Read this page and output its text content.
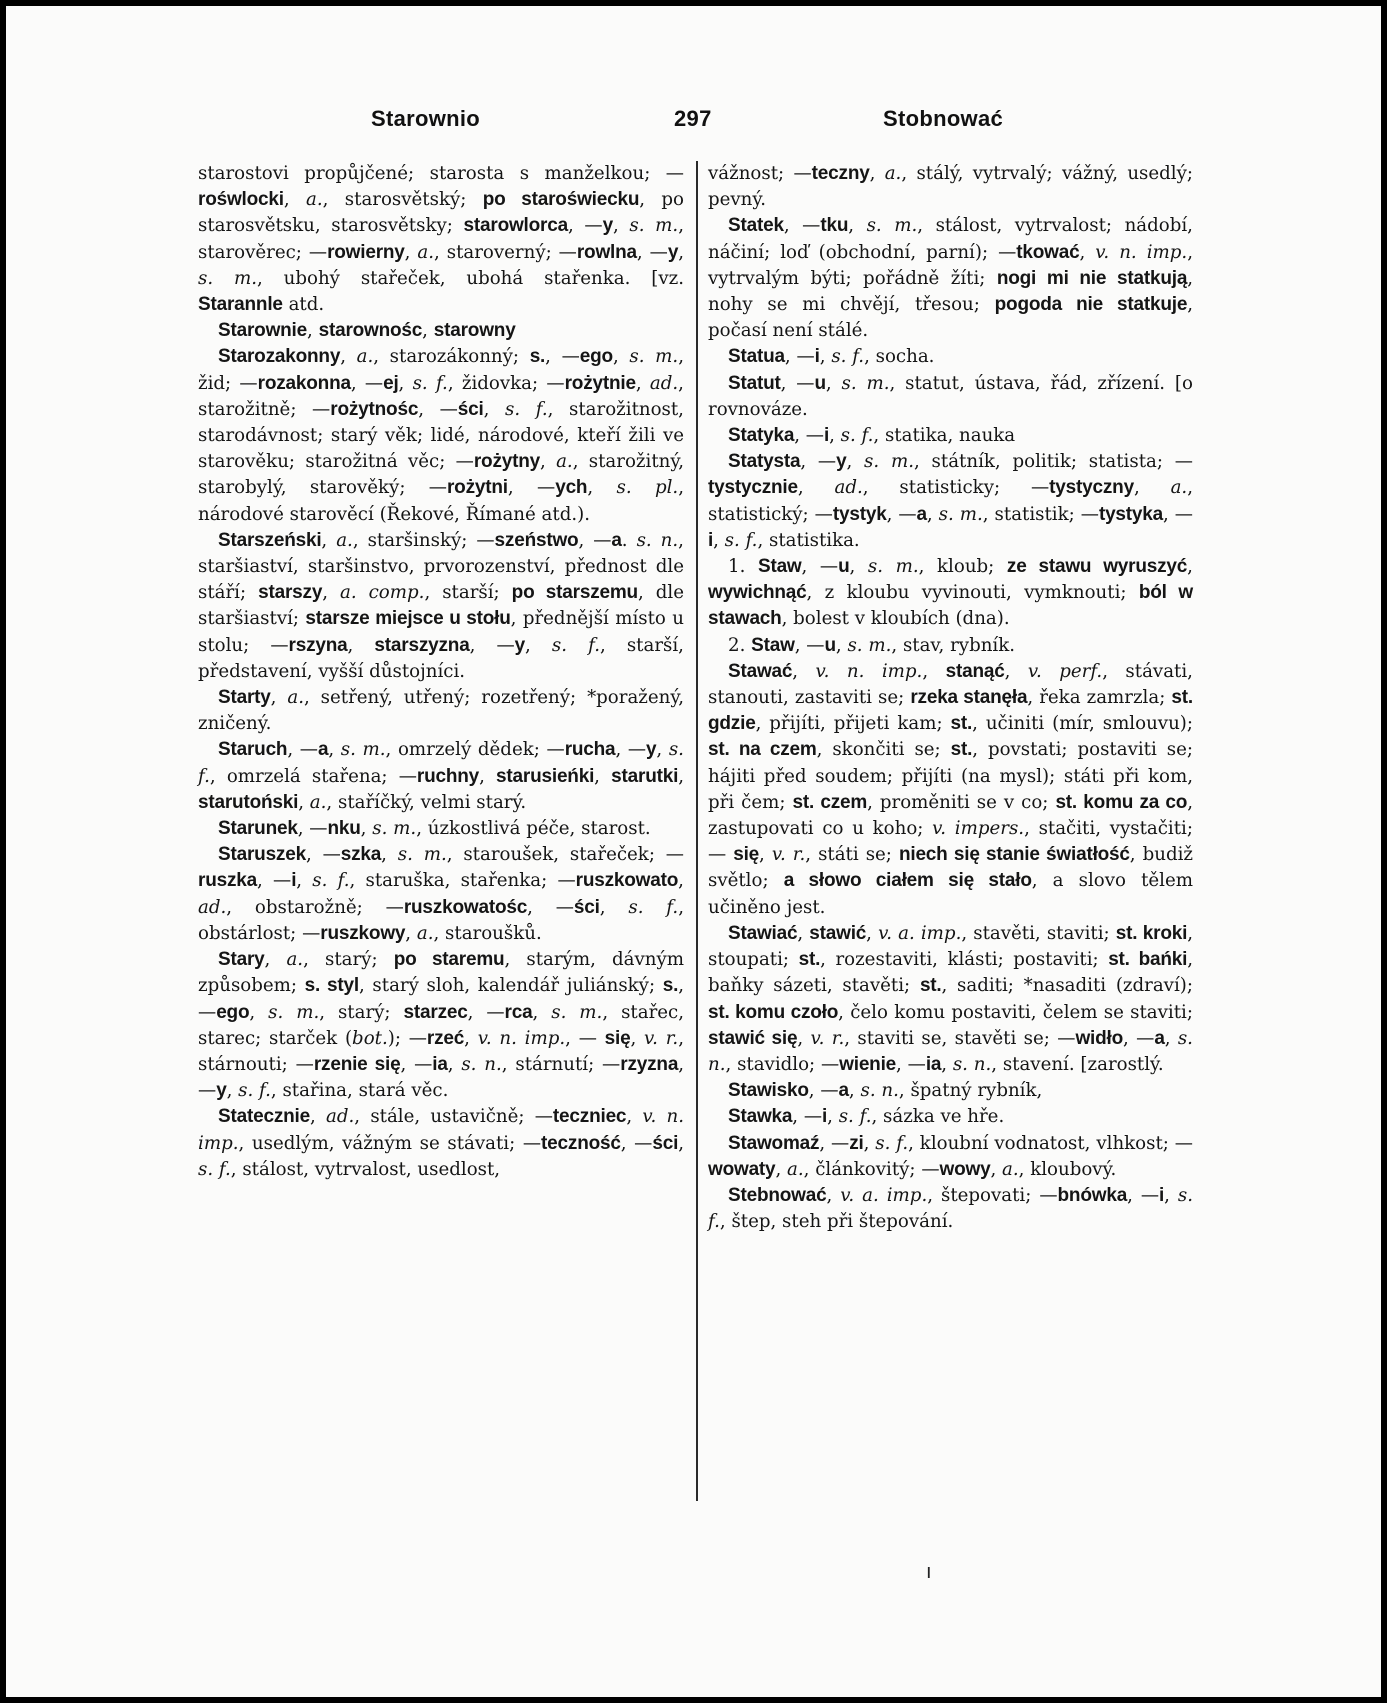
Starownio	297	Stobnować

starostovi propůjčené; starosta s manželkou; —rośwlocki, a., starosvětský; po staroświecku, po starosvětsku, starosvětsky; starowlorca, —y, s. m., starověrec; —rowierny, a., staroverný; —rowlna, —y, s. m., ubohý stařeček, ubohá stařenka. [vz. Starannle atd.

Starownie, starownośc, starowny

Starozakonny, a., starozákonný; s., —ego, s. m., žid; —rozakonna, —ej, s. f., židovka; —rożytnie, ad., starožitně; —rożytnośc, —ści, s. f., starožitnost, starodávnost; starý věk; lidé, národové, kteří žili ve starověku; starožitná věc; —rożytny, a., starožitný, starobylý, starověký; —rożytni, —ych, s. pl., národové starověcí (Řekové, Římané atd.).

Starszeński, a., staršinský; —szeństwo, —a. s. n., staršiaství, staršinstvo, prvorozenství, přednost dle stáří; starszy, a. comp., starší; po starszemu, dle staršiaství; starsze miejsce u stołu, přednější místo u stolu; —rszyna, starszyzna, —y, s. f., starší, představení, vyšší důstojníci.

Starty, a., setřený, utřený; rozetřený; *poražený, zničený.

Staruch, —a, s. m., omrzelý dědek; —rucha, —y, s. f., omrzelá stařena; —ruchny, starusieńki, starutki, starutoński, a., staříčký, velmi starý.

Starunek, —nku, s. m., úzkostlivá péče, starost.

Staruszek, —szka, s. m., staroušek, stařeček; —ruszka, —i, s. f., staruška, stařenka; —ruszkowato, ad., obstarožně; —ruszkowatośc, —ści, s. f., obstárlost; —ruszkowy, a., staroušků.

Stary, a., starý; po staremu, starým, dávným způsobem; s. styl, starý sloh, kalendář juliánský; s., —ego, s. m., starý; starzec, —rca, s. m., stařec, starec; starček (bot.); —rzeć, v. n. imp., — się, v. r., stárnouti; —rzenie się, —ia, s. n., stárnutí; —rzyzna, —y, s. f., stařina, stará věc.

Statecznie, ad., stále, ustavičně; —teczniec, v. n. imp., usedlým, vážným se stávati; —teczność, —ści, s. f., stálost, vytrvalost, usedlost,

vážnost; —teczny, a., stálý, vytrvalý; vážný, usedlý; pevný.

Statek, —tku, s. m., stálost, vytrvalost; nádobí, náčiní; loď (obchodní, parní); —tkować, v. n. imp., vytrvalým býti; pořádně žíti; nogi mi nie statkują, nohy se mi chvějí, třesou; pogoda nie statkuje, počasí není stálé.

Statua, —i, s. f., socha.

Statut, —u, s. m., statut, ústava, řád, zřízení. [o rovnováze.

Statyka, —i, s. f., statika, nauka

Statysta, —y, s. m., státník, politik; statista; —tystycznie, ad., statisticky; —tystyczny, a., statistický; —tystyk, —a, s. m., statistik; —tystyka, —i, s. f., statistika.

1. Staw, —u, s. m., kloub; ze stawu wyruszyć, wywichnąć, z kloubu vyvinouti, vymknouti; ból w stawach, bolest v kloubích (dna).

2. Staw, —u, s. m., stav, rybník.

Stawać, v. n. imp., stanąć, v. perf., stávati, stanouti, zastaviti se; rzeka stanęła, řeka zamrzla; st. gdzie, přijíti, přijeti kam; st., učiniti (mír, smlouvu); st. na czem, skončiti se; st., povstati; postaviti se; hájiti před soudem; přijíti (na mysl); státi při kom, při čem; st. czem, proměniti se v co; st. komu za co, zastupovati co u koho; v. impers., stačiti, vystačiti; — się, v. r., státi se; niech się stanie światłość, budiž světlo; a słowo ciałem się stało, a slovo tělem učiněno jest.

Stawiać, stawić, v. a. imp., stavěti, staviti; st. kroki, stoupati; st., rozestaviti, klásti; postaviti; st. bańki, baňky sázeti, stavěti; st., saditi; *nasaditi (zdraví); st. komu czoło, čelo komu postaviti, čelem se staviti; stawić się, v. r., staviti se, stavěti se; —widło, —a, s. n., stavidlo; —wienie, —ia, s. n., stavení. [zarostlý.

Stawisko, —a, s. n., špatný rybník,

Stawka, —i, s. f., sázka ve hře.

Stawomaź, —zi, s. f., kloubní vodnatost, vlhkost; —wowaty, a., článkovitý; —wowy, a., kloubový.

Stebnować, v. a. imp., štepovati; —bnówka, —i, s. f., štep, steh při štepování.

ı
